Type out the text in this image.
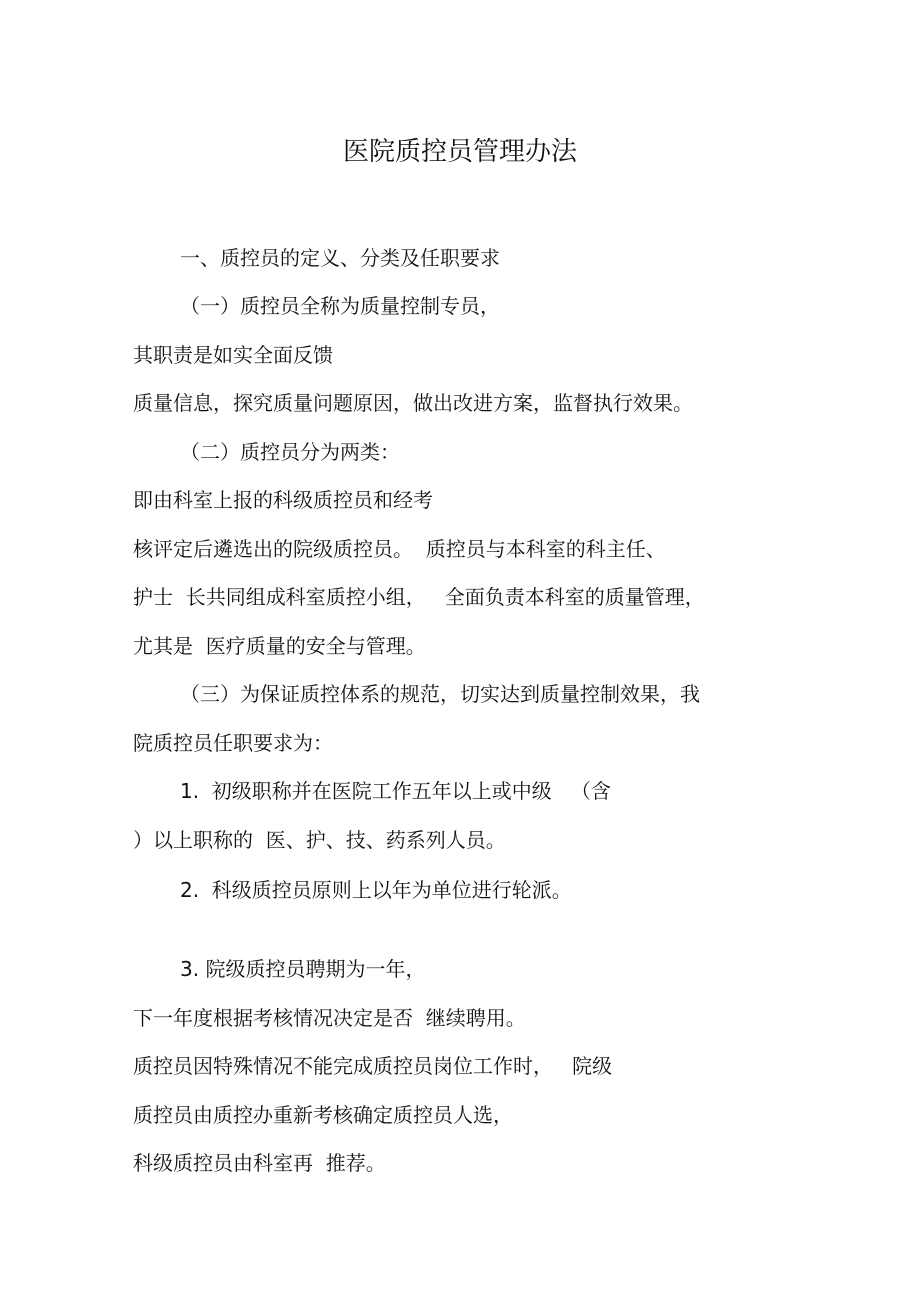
医院质控员管理办法
一、质控员的定义、分类及任职要求
（一）质控员全称为质量控制专员，
其职责是如实全面反馈
质量信息，探究质量问题原因，做出改进方案，监督执行效果。
（二）质控员分为两类：
即由科室上报的科级质控员和经考
核评定后遴选出的院级质控员。  质控员与本科室的科主任、
护士  长共同组成科室质控小组，   全面负责本科室的质量管理，
尤其是  医疗质量的安全与管理。
（三）为保证质控体系的规范，切实达到质量控制效果，我
院质控员任职要求为：
1.  初级职称并在医院工作五年以上或中级   （含
）以上职称的  医、护、技、药系列人员。
2.  科级质控员原则上以年为单位进行轮派。
3. 院级质控员聘期为一年，
下一年度根据考核情况决定是否  继续聘用。
质控员因特殊情况不能完成质控员岗位工作时，   院级
质控员由质控办重新考核确定质控员人选，
科级质控员由科室再  推荐。
